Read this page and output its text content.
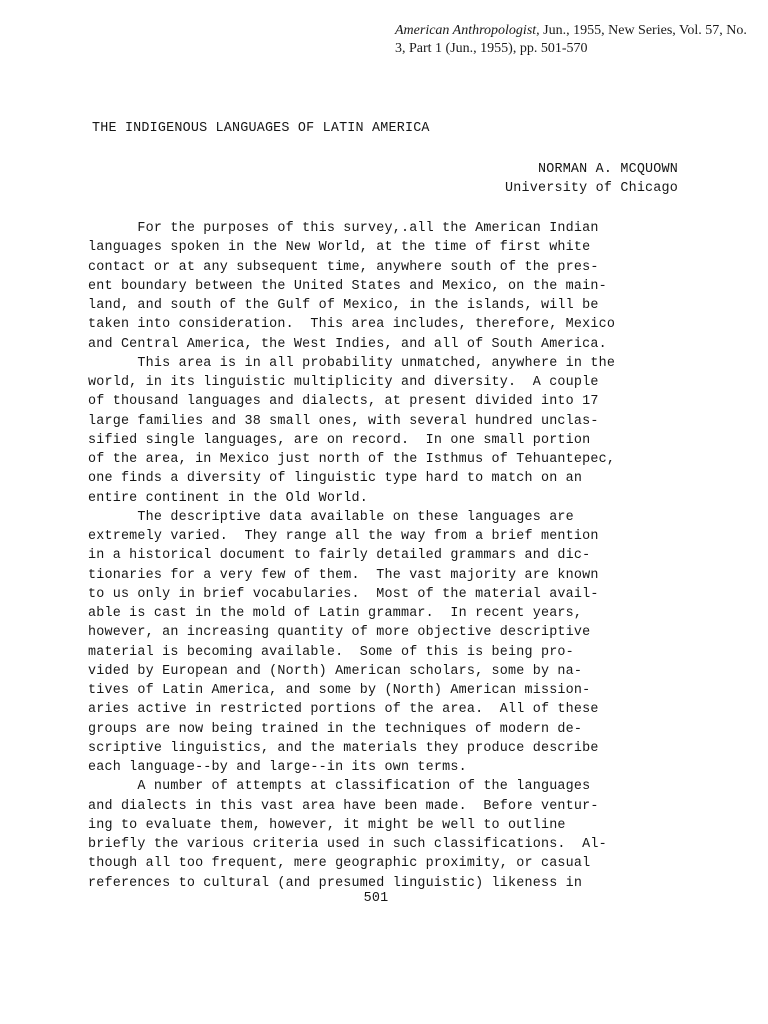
American Anthropologist, Jun., 1955, New Series, Vol. 57, No. 3, Part 1 (Jun., 1955), pp. 501-570
THE INDIGENOUS LANGUAGES OF LATIN AMERICA
NORMAN A. MCQUOWN
University of Chicago
For the purposes of this survey,.all the American Indian
languages spoken in the New World, at the time of first white
contact or at any subsequent time, anywhere south of the pres-
ent boundary between the United States and Mexico, on the main-
land, and south of the Gulf of Mexico, in the islands, will be
taken into consideration.  This area includes, therefore, Mexico
and Central America, the West Indies, and all of South America.
This area is in all probability unmatched, anywhere in the
world, in its linguistic multiplicity and diversity.  A couple
of thousand languages and dialects, at present divided into 17
large families and 38 small ones, with several hundred unclas-
sified single languages, are on record.  In one small portion
of the area, in Mexico just north of the Isthmus of Tehuantepec,
one finds a diversity of linguistic type hard to match on an
entire continent in the Old World.
The descriptive data available on these languages are
extremely varied.  They range all the way from a brief mention
in a historical document to fairly detailed grammars and dic-
tionaries for a very few of them.  The vast majority are known
to us only in brief vocabularies.  Most of the material avail-
able is cast in the mold of Latin grammar.  In recent years,
however, an increasing quantity of more objective descriptive
material is becoming available.  Some of this is being pro-
vided by European and (North) American scholars, some by na-
tives of Latin America, and some by (North) American mission-
aries active in restricted portions of the area.  All of these
groups are now being trained in the techniques of modern de-
scriptive linguistics, and the materials they produce describe
each language--by and large--in its own terms.
A number of attempts at classification of the languages
and dialects in this vast area have been made.  Before ventur-
ing to evaluate them, however, it might be well to outline
briefly the various criteria used in such classifications.  Al-
though all too frequent, mere geographic proximity, or casual
references to cultural (and presumed linguistic) likeness in
501
